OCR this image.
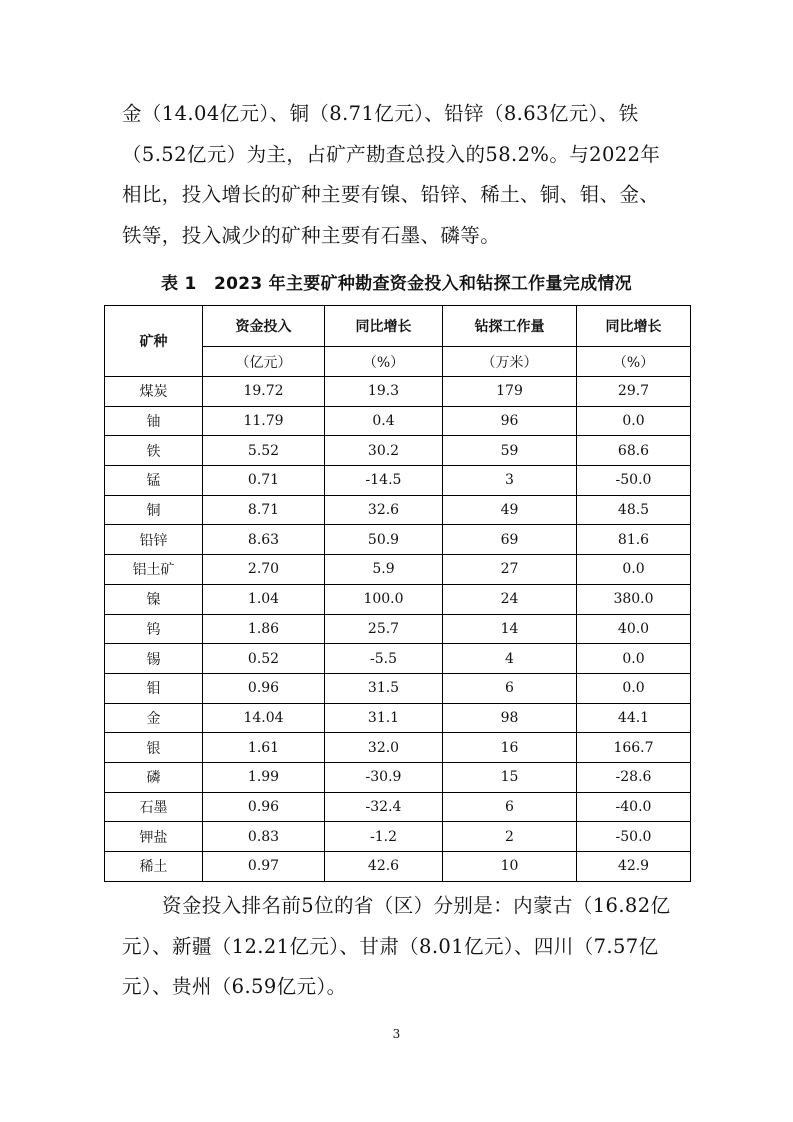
金（14.04亿元）、铜（8.71亿元）、铅锌（8.63亿元）、铁（5.52亿元）为主，占矿产勘查总投入的58.2%。与2022年相比，投入增长的矿种主要有镍、铅锌、稀土、铜、钼、金、铁等，投入减少的矿种主要有石墨、磷等。

表 1　2023 年主要矿种勘查资金投入和钻探工作量完成情况
矿种	资金投入	同比增长	钻探工作量	同比增长
	（亿元）	（%）	（万米）	（%）
煤炭	19.72	19.3	179	29.7
铀	11.79	0.4	96	0.0
铁	5.52	30.2	59	68.6
锰	0.71	-14.5	3	-50.0
铜	8.71	32.6	49	48.5
铅锌	8.63	50.9	69	81.6
铝土矿	2.70	5.9	27	0.0
镍	1.04	100.0	24	380.0
钨	1.86	25.7	14	40.0
锡	0.52	-5.5	4	0.0
钼	0.96	31.5	6	0.0
金	14.04	31.1	98	44.1
银	1.61	32.0	16	166.7
磷	1.99	-30.9	15	-28.6
石墨	0.96	-32.4	6	-40.0
钾盐	0.83	-1.2	2	-50.0
稀土	0.97	42.6	10	42.9

资金投入排名前5位的省（区）分别是：内蒙古（16.82亿元）、新疆（12.21亿元）、甘肃（8.01亿元）、四川（7.57亿元）、贵州（6.59亿元）。

3
